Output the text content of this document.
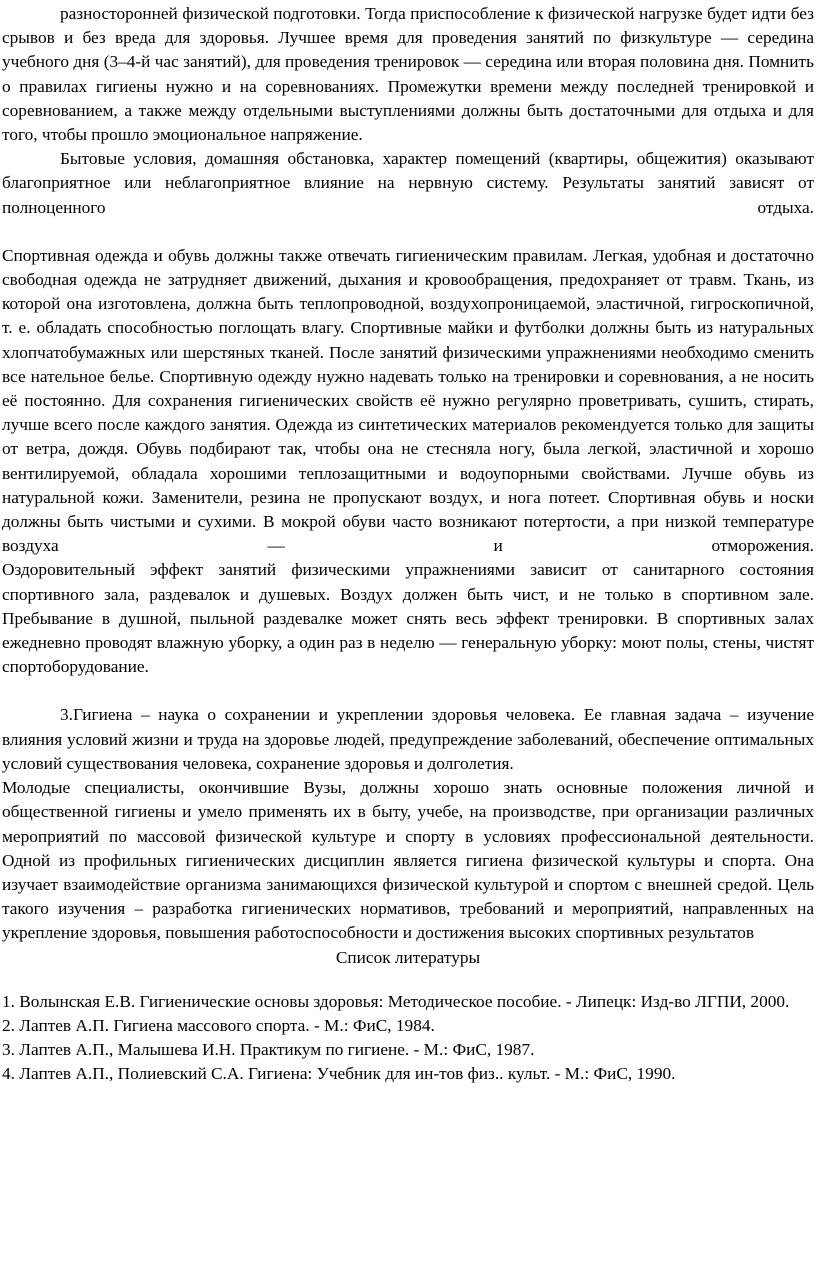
разносторонней физической подготовки. Тогда приспособление к физической нагрузке будет идти без срывов и без вреда для здоровья. Лучшее время для проведения занятий по физкультуре — середина учебного дня (3–4-й час занятий), для проведения тренировок — середина или вторая половина дня. Помнить о правилах гигиены нужно и на соревнованиях. Промежутки времени между последней тренировкой и соревнованием, а также между отдельными выступлениями должны быть достаточными для отдыха и для того, чтобы прошло эмоциональное напряжение.

Бытовые условия, домашняя обстановка, характер помещений (квартиры, общежития) оказывают благоприятное или неблагоприятное влияние на нервную систему. Результаты занятий зависят от полноценного отдыха.

Спортивная одежда и обувь должны также отвечать гигиеническим правилам. Легкая, удобная и достаточно свободная одежда не затрудняет движений, дыхания и кровообращения, предохраняет от травм. Ткань, из которой она изготовлена, должна быть теплопроводной, воздухопроницаемой, эластичной, гигроскопичной, т. е. обладать способностью поглощать влагу. Спортивные майки и футболки должны быть из натуральных хлопчатобумажных или шерстяных тканей. После занятий физическими упражнениями необходимо сменить все нательное белье. Спортивную одежду нужно надевать только на тренировки и соревнования, а не носить её постоянно. Для сохранения гигиенических свойств её нужно регулярно проветривать, сушить, стирать, лучше всего после каждого занятия. Одежда из синтетических материалов рекомендуется только для защиты от ветра, дождя. Обувь подбирают так, чтобы она не стесняла ногу, была легкой, эластичной и хорошо вентилируемой, обладала хорошими теплозащитными и водоупорными свойствами. Лучше обувь из натуральной кожи. Заменители, резина не пропускают воздух, и нога потеет. Спортивная обувь и носки должны быть чистыми и сухими. В мокрой обуви часто возникают потертости, а при низкой температуре воздуха — и отморожения.

Оздоровительный эффект занятий физическими упражнениями зависит от санитарного состояния спортивного зала, раздевалок и душевых. Воздух должен быть чист, и не только в спортивном зале. Пребывание в душной, пыльной раздевалке может снять весь эффект тренировки. В спортивных залах ежедневно проводят влажную уборку, а один раз в неделю — генеральную уборку: моют полы, стены, чистят спортоборудование.

3.Гигиена – наука о сохранении и укреплении здоровья человека. Ее главная задача – изучение влияния условий жизни и труда на здоровье людей, предупреждение заболеваний, обеспечение оптимальных условий существования человека, сохранение здоровья и долголетия.

Молодые специалисты, окончившие Вузы, должны хорошо знать основные положения личной и общественной гигиены и умело применять их в быту, учебе, на производстве, при организации различных мероприятий по массовой физической культуре и спорту в условиях профессиональной деятельности.

Одной из профильных гигиенических дисциплин является гигиена физической культуры и спорта. Она изучает взаимодействие организма занимающихся физической культурой и спортом с внешней средой. Цель такого изучения – разработка гигиенических нормативов, требований и мероприятий, направленных на укрепление здоровья, повышения работоспособности и достижения высоких спортивных результатов

Список литературы

1. Волынская Е.В. Гигиенические основы здоровья: Методическое пособие. - Липецк: Изд-во ЛГПИ, 2000.
2. Лаптев А.П. Гигиена массового спорта. - М.: ФиС, 1984.
3. Лаптев А.П., Малышева И.Н. Практикум по гигиене. - М.: ФиС, 1987.
4. Лаптев А.П., Полиевский С.А. Гигиена: Учебник для ин-тов физ.. культ. - М.: ФиС, 1990.
